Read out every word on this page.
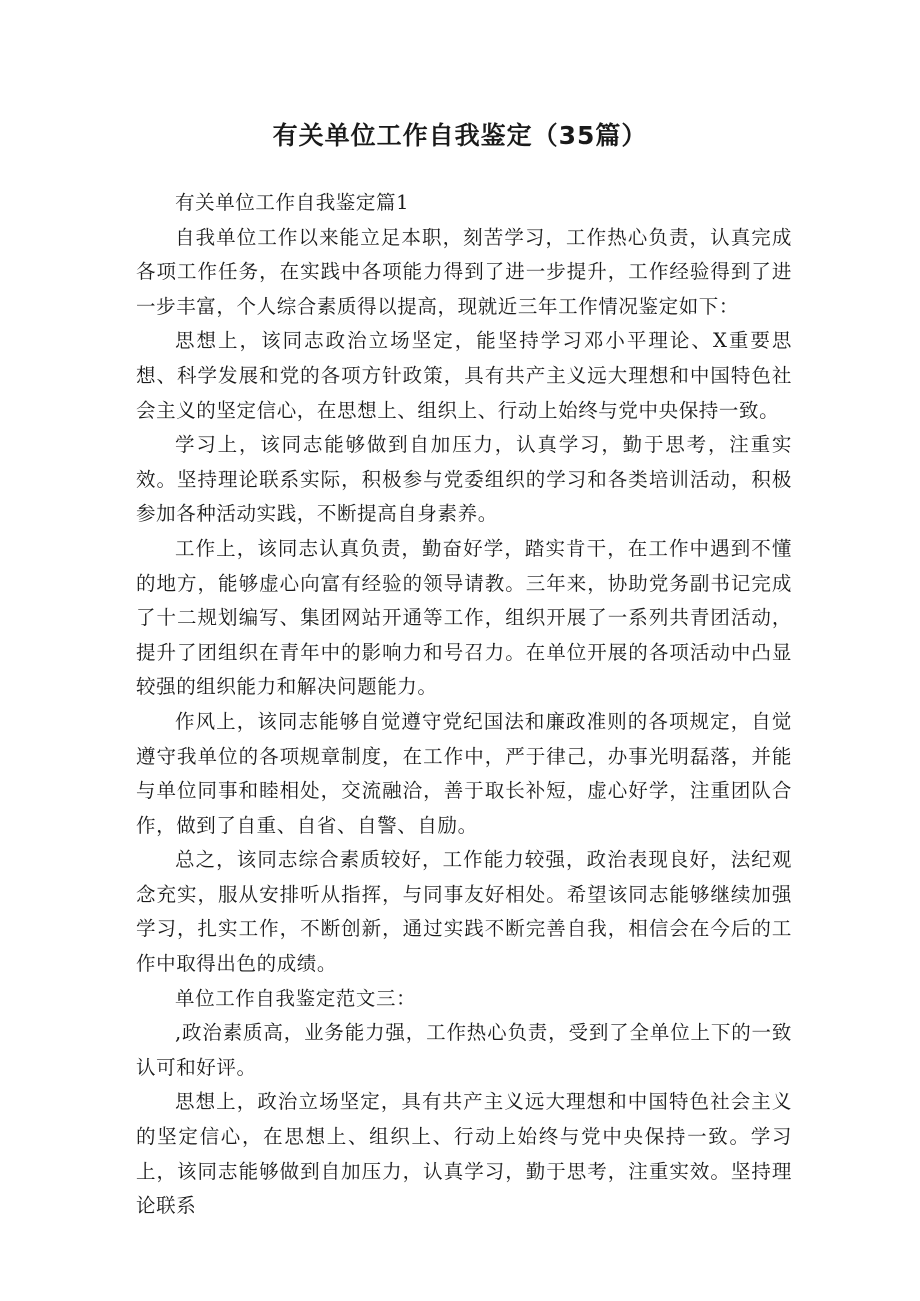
有关单位工作自我鉴定（35篇）

有关单位工作自我鉴定篇1

自我单位工作以来能立足本职，刻苦学习，工作热心负责，认真完成各项工作任务，在实践中各项能力得到了进一步提升，工作经验得到了进一步丰富，个人综合素质得以提高，现就近三年工作情况鉴定如下：

思想上，该同志政治立场坚定，能坚持学习邓小平理论、X重要思想、科学发展和党的各项方针政策，具有共产主义远大理想和中国特色社会主义的坚定信心，在思想上、组织上、行动上始终与党中央保持一致。

学习上，该同志能够做到自加压力，认真学习，勤于思考，注重实效。坚持理论联系实际，积极参与党委组织的学习和各类培训活动，积极参加各种活动实践，不断提高自身素养。

工作上，该同志认真负责，勤奋好学，踏实肯干，在工作中遇到不懂的地方，能够虚心向富有经验的领导请教。三年来，协助党务副书记完成了十二规划编写、集团网站开通等工作，组织开展了一系列共青团活动，提升了团组织在青年中的影响力和号召力。在单位开展的各项活动中凸显较强的组织能力和解决问题能力。

作风上，该同志能够自觉遵守党纪国法和廉政准则的各项规定，自觉遵守我单位的各项规章制度，在工作中，严于律己，办事光明磊落，并能与单位同事和睦相处，交流融洽，善于取长补短，虚心好学，注重团队合作，做到了自重、自省、自警、自励。

总之，该同志综合素质较好，工作能力较强，政治表现良好，法纪观念充实，服从安排听从指挥，与同事友好相处。希望该同志能够继续加强学习，扎实工作，不断创新，通过实践不断完善自我，相信会在今后的工作中取得出色的成绩。

单位工作自我鉴定范文三：

,政治素质高，业务能力强，工作热心负责，受到了全单位上下的一致认可和好评。

思想上，政治立场坚定，具有共产主义远大理想和中国特色社会主义的坚定信心，在思想上、组织上、行动上始终与党中央保持一致。学习上，该同志能够做到自加压力，认真学习，勤于思考，注重实效。坚持理论联系
